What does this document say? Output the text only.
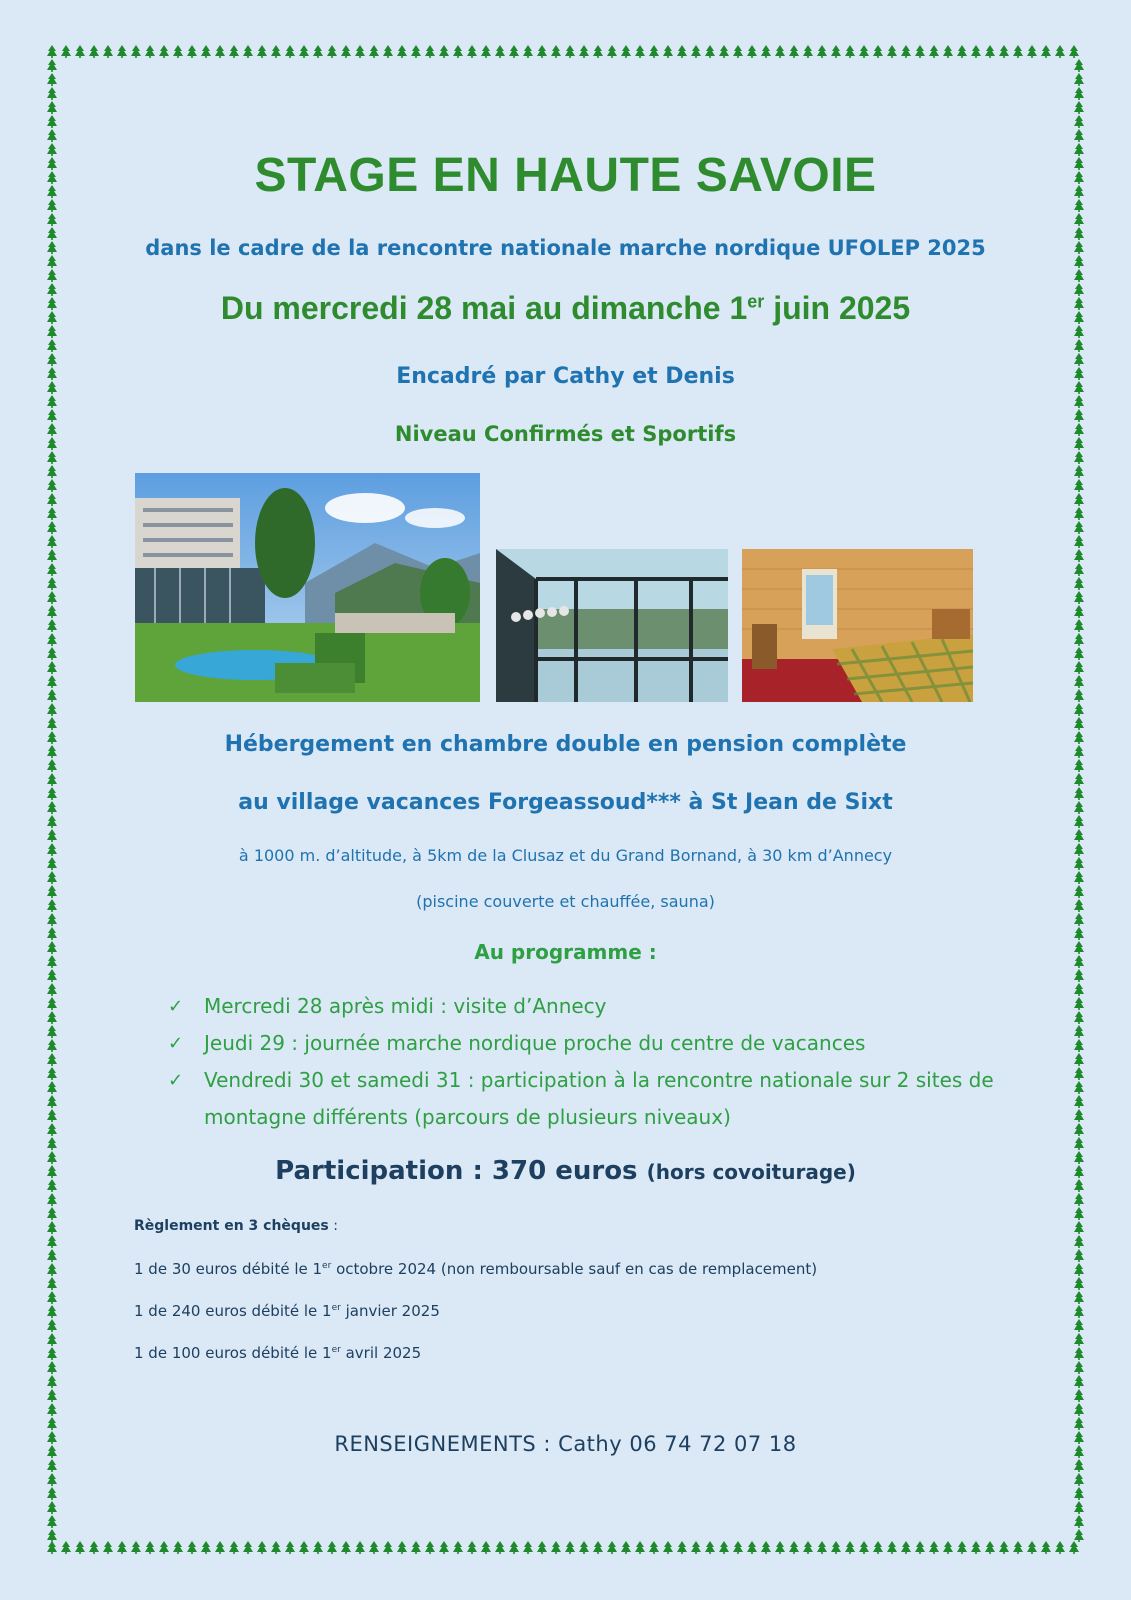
STAGE EN HAUTE SAVOIE
dans le cadre de la rencontre nationale marche nordique UFOLEP 2025
Du mercredi 28 mai au dimanche 1er juin 2025
Encadré par Cathy et Denis
Niveau Confirmés et Sportifs
Hébergement en chambre double en pension complète
au village vacances Forgeassoud*** à St Jean de Sixt
à 1000 m. d’altitude, à 5km de la Clusaz et du Grand Bornand, à 30 km d’Annecy
(piscine couverte et chauffée, sauna)
Au programme :
✓ Mercredi 28 après midi : visite d’Annecy
✓ Jeudi 29 : journée marche nordique proche du centre de vacances
✓ Vendredi 30 et samedi 31 : participation à la rencontre nationale sur 2 sites de montagne différents (parcours de plusieurs niveaux)
Participation : 370 euros (hors covoiturage)
Règlement en 3 chèques :
1 de 30 euros débité le 1er octobre 2024 (non remboursable sauf en cas de remplacement)
1 de 240 euros débité le 1er janvier 2025
1 de 100 euros débité le 1er avril 2025
RENSEIGNEMENTS : Cathy 06 74 72 07 18
